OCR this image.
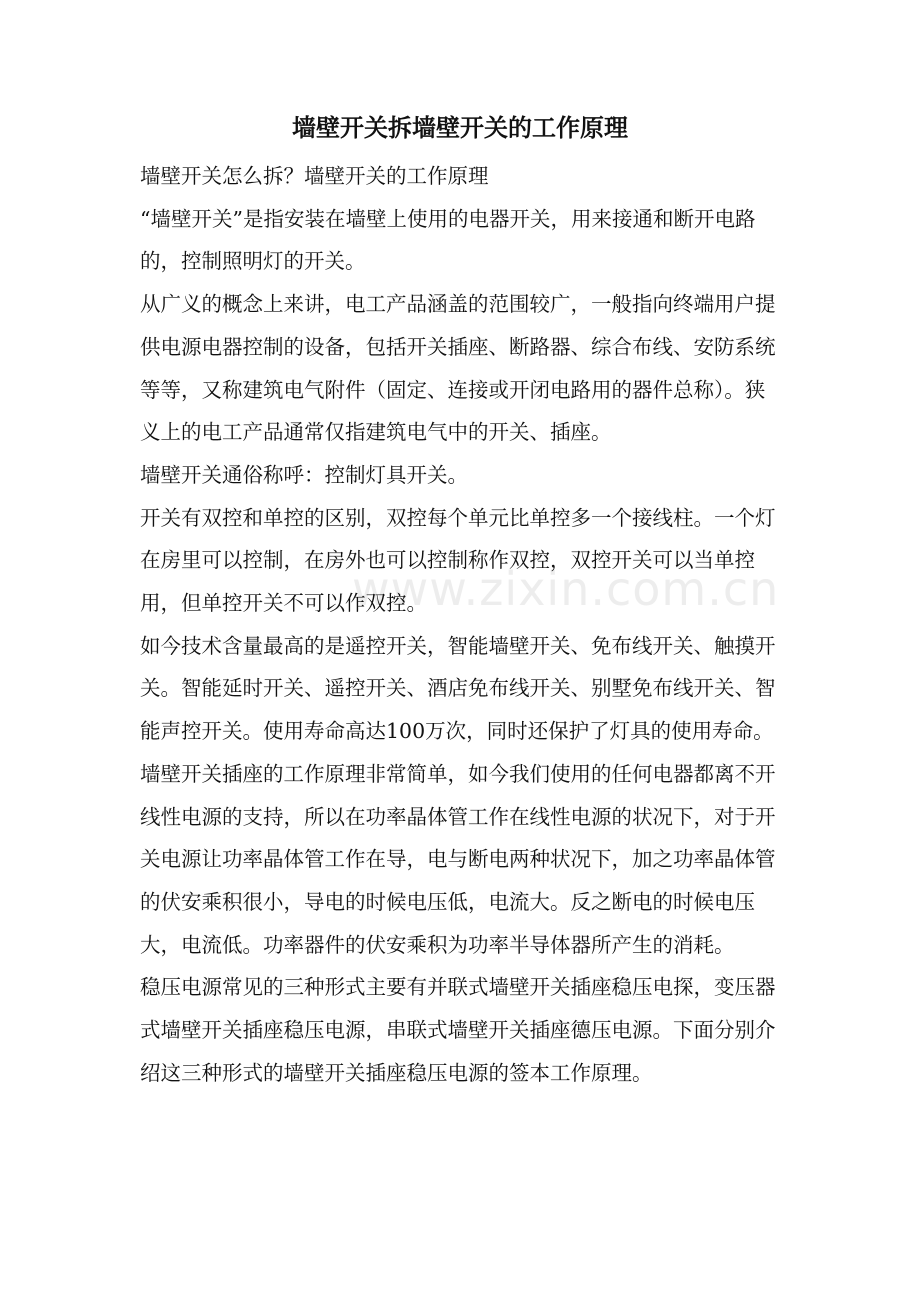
www.zixin.com.cn
墙壁开关拆墙壁开关的工作原理

墙壁开关怎么拆？墙壁开关的工作原理

“墙壁开关”是指安装在墙壁上使用的电器开关，用来接通和断开电路的，控制照明灯的开关。

从广义的概念上来讲，电工产品涵盖的范围较广，一般指向终端用户提供电源电器控制的设备，包括开关插座、断路器、综合布线、安防系统等等，又称建筑电气附件（固定、连接或开闭电路用的器件总称）。狭义上的电工产品通常仅指建筑电气中的开关、插座。

墙壁开关通俗称呼：控制灯具开关。

开关有双控和单控的区别，双控每个单元比单控多一个接线柱。一个灯在房里可以控制，在房外也可以控制称作双控，双控开关可以当单控用，但单控开关不可以作双控。

如今技术含量最高的是遥控开关，智能墙壁开关、免布线开关、触摸开关。智能延时开关、遥控开关、酒店免布线开关、别墅免布线开关、智能声控开关。使用寿命高达100万次，同时还保护了灯具的使用寿命。

墙壁开关插座的工作原理非常简单，如今我们使用的任何电器都离不开线性电源的支持，所以在功率晶体管工作在线性电源的状况下，对于开关电源让功率晶体管工作在导，电与断电两种状况下，加之功率晶体管的伏安乘积很小，导电的时候电压低，电流大。反之断电的时候电压大，电流低。功率器件的伏安乘积为功率半导体器所产生的消耗。

稳压电源常见的三种形式主要有并联式墙壁开关插座稳压电探，变压器式墙壁开关插座稳压电源，串联式墙壁开关插座德压电源。下面分别介绍这三种形式的墙壁开关插座稳压电源的签本工作原理。
